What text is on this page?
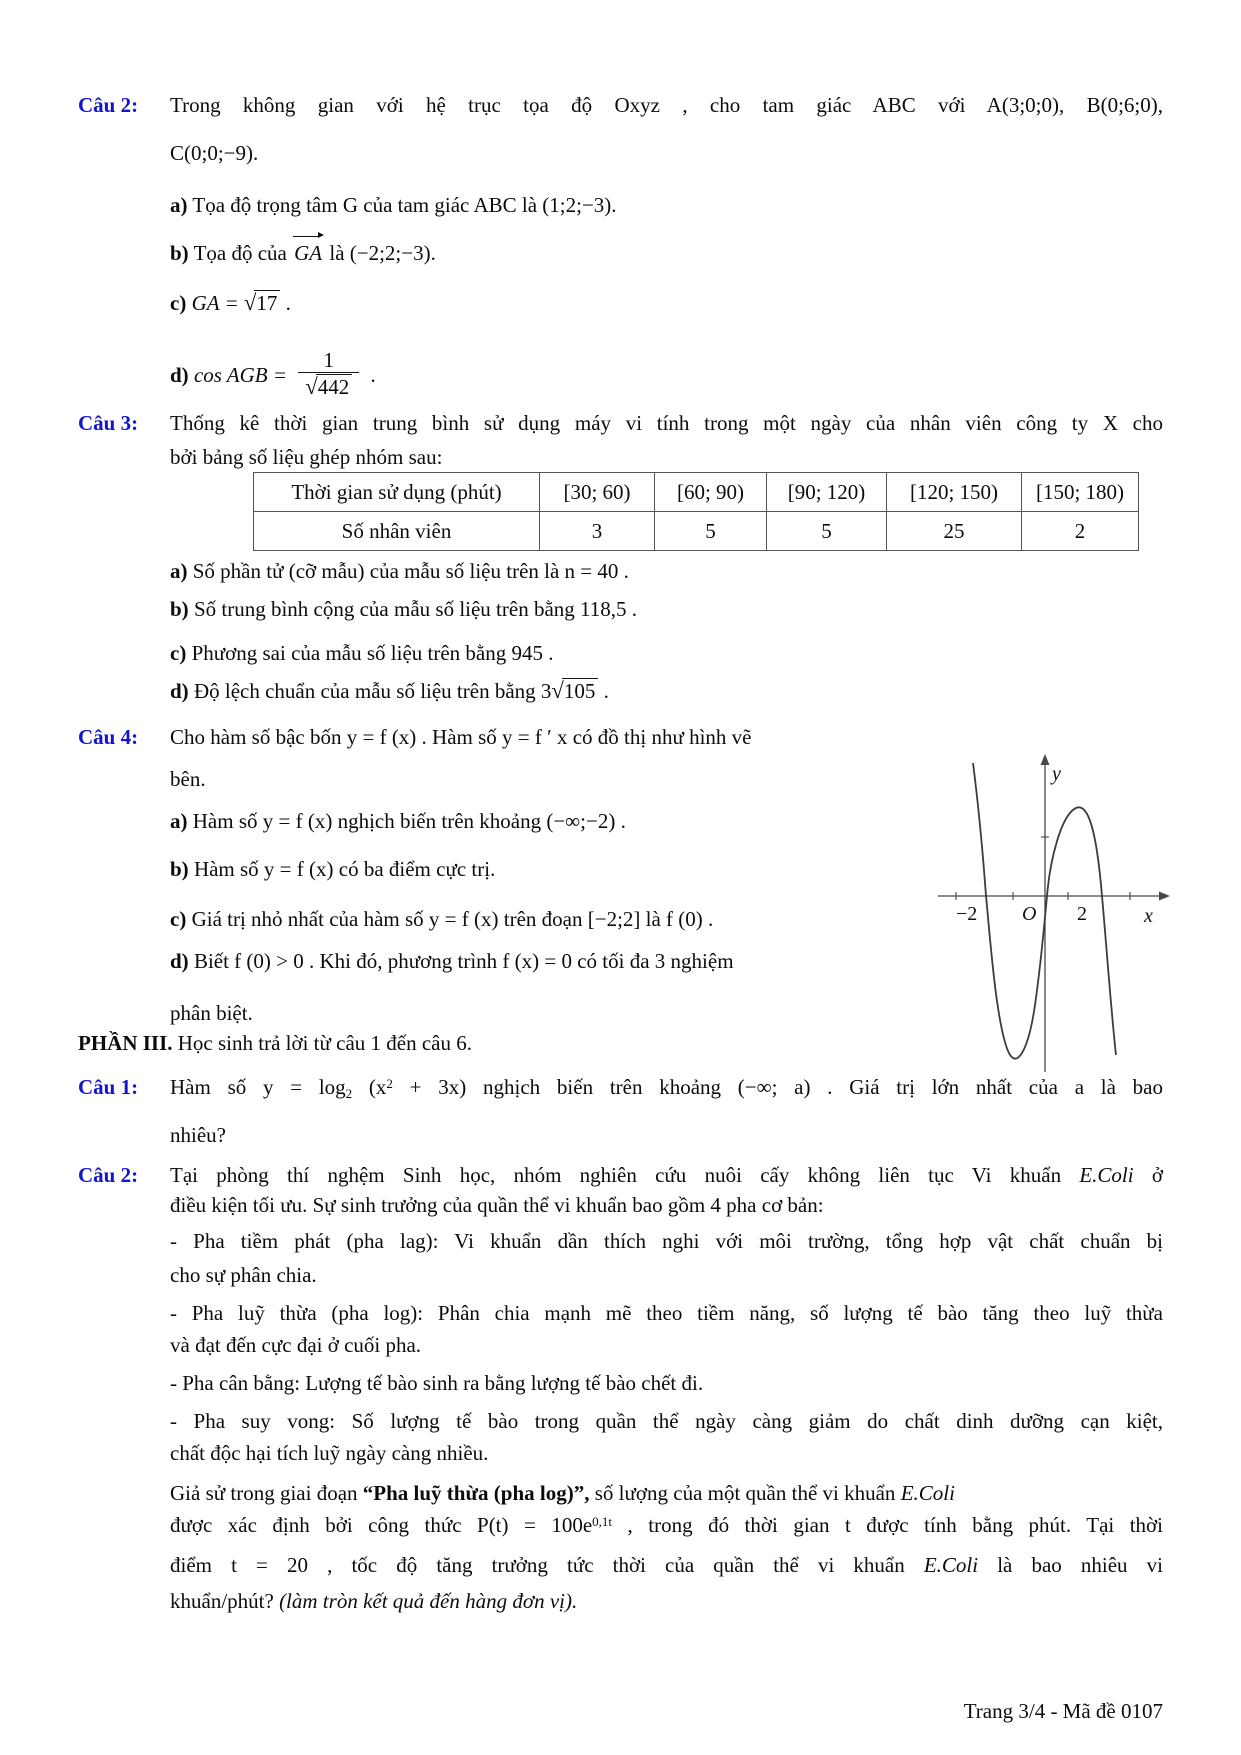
Câu 2: Trong không gian với hệ trục tọa độ Oxyz , cho tam giác ABC với A(3;0;0), B(0;6;0),
C(0;0;−9).
a) Tọa độ trọng tâm G của tam giác ABC là (1;2;−3).
b) Tọa độ của GA là (−2;2;−3).
c) GA = √17 .
d) cos AGB = $\frac{1}{√442}$ .
Câu 3: Thống kê thời gian trung bình sử dụng máy vi tính trong một ngày của nhân viên công ty X cho
bởi bảng số liệu ghép nhóm sau:
Thời gian sử dụng (phút)	[30; 60)	[60; 90)	[90; 120)	[120; 150)	[150; 180)
Số nhân viên	3	5	5	25	2
a) Số phần tử (cỡ mẫu) của mẫu số liệu trên là n = 40 .
b) Số trung bình cộng của mẫu số liệu trên bằng 118,5 .
c) Phương sai của mẫu số liệu trên bằng 945 .
d) Độ lệch chuẩn của mẫu số liệu trên bằng 3√105 .
Câu 4: Cho hàm số bậc bốn y = f (x) . Hàm số y = f ′ x có đồ thị như hình vẽ
bên.
a) Hàm số y = f (x) nghịch biến trên khoảng (−∞;−2) .
b) Hàm số y = f (x) có ba điểm cực trị.
c) Giá trị nhỏ nhất của hàm số y = f (x) trên đoạn [−2;2] là f (0) .
d) Biết f (0) > 0 . Khi đó, phương trình f (x) = 0 có tối đa 3 nghiệm
phân biệt.
y
x
O
−2	2
PHẦN III. Học sinh trả lời từ câu 1 đến câu 6.
Câu 1: Hàm số $y = \log_2 (x^2 + 3x)$ nghịch biến trên khoảng (−∞; a) . Giá trị lớn nhất của a là bao
nhiêu?
Câu 2: Tại phòng thí nghệm Sinh học, nhóm nghiên cứu nuôi cấy không liên tục Vi khuẩn E.Coli ở
điều kiện tối ưu. Sự sinh trưởng của quần thể vi khuẩn bao gồm 4 pha cơ bản:
- Pha tiềm phát (pha lag): Vi khuẩn dần thích nghi với môi trường, tổng hợp vật chất chuẩn bị
cho sự phân chia.
- Pha luỹ thừa (pha log): Phân chia mạnh mẽ theo tiềm năng, số lượng tế bào tăng theo luỹ thừa
và đạt đến cực đại ở cuối pha.
- Pha cân bằng: Lượng tế bào sinh ra bằng lượng tế bào chết đi.
- Pha suy vong: Số lượng tế bào trong quần thể ngày càng giảm do chất dinh dưỡng cạn kiệt,
chất độc hại tích luỹ ngày càng nhiều.
Giả sử trong giai đoạn “Pha luỹ thừa (pha log)”, số lượng của một quần thể vi khuẩn E.Coli
được xác định bởi công thức $P(t) = 100e^{0,1t}$ , trong đó thời gian t được tính bằng phút. Tại thời
điểm t = 20 , tốc độ tăng trưởng tức thời của quần thể vi khuẩn E.Coli là bao nhiêu vi
khuẩn/phút? (làm tròn kết quả đến hàng đơn vị).
Trang 3/4 - Mã đề 0107
